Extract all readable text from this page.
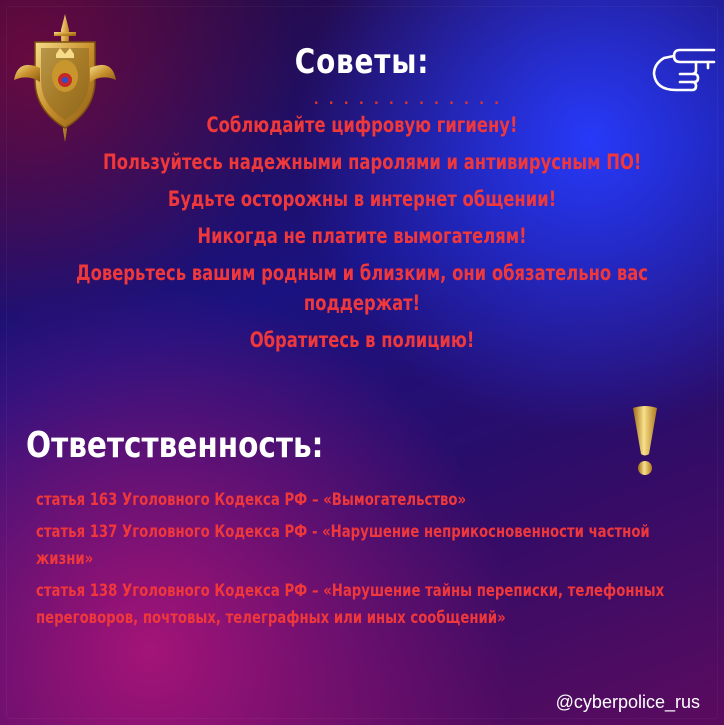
Советы:
.............
Соблюдайте цифровую гигиену!
Пользуйтесь надежными паролями и антивирусным ПО!
Будьте осторожны в интернет общении!
Никогда не платите вымогателям!
Доверьтесь вашим родным и близким, они обязательно вас поддержат!
Обратитесь в полицию!
Ответственность:
статья 163 Уголовного Кодекса РФ – «Вымогательство»
статья 137 Уголовного Кодекса РФ - «Нарушение неприкосновенности частной жизни»
статья 138 Уголовного Кодекса РФ – «Нарушение тайны переписки, телефонных переговоров, почтовых, телеграфных или иных сообщений»
@cyberpolice_rus
